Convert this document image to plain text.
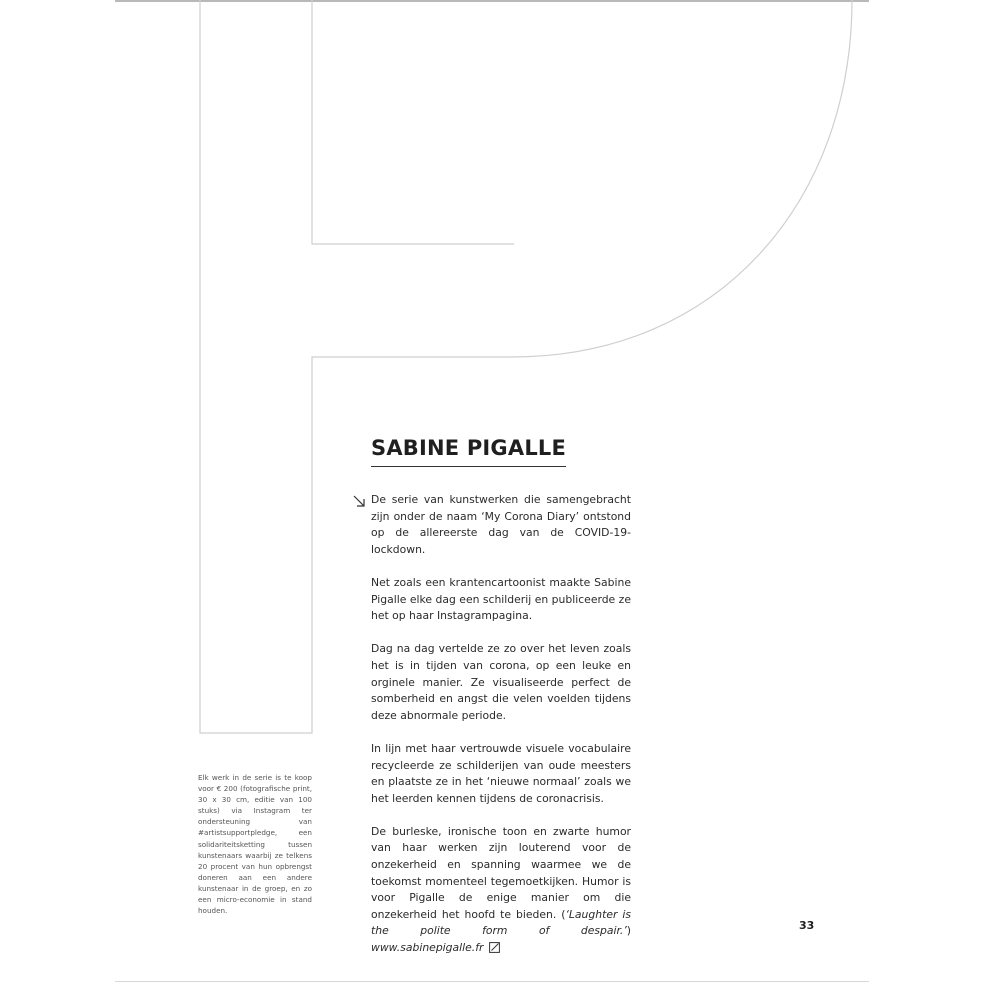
SABINE PIGALLE

De serie van kunstwerken die samengebracht zijn onder de naam ‘My Corona Diary’ ontstond op de allereerste dag van de COVID-19-lockdown.

Net zoals een krantencartoonist maakte Sabine Pigalle elke dag een schilderij en publiceerde ze het op haar Instagrampagina.

Dag na dag vertelde ze zo over het leven zoals het is in tijden van corona, op een leuke en orginele manier. Ze visualiseerde perfect de somberheid en angst die velen voelden tijdens deze abnormale periode.

In lijn met haar vertrouwde visuele vocabulaire recycleerde ze schilderijen van oude meesters en plaatste ze in het ‘nieuwe normaal’ zoals we het leerden kennen tijdens de coronacrisis.

De burleske, ironische toon en zwarte humor van haar werken zijn louterend voor de onzekerheid en spanning waarmee we de toekomst momenteel tegemoetkijken. Humor is voor Pigalle de enige manier om die onzekerheid het hoofd te bieden. (‘Laughter is the polite form of despair.’) www.sabinepigalle.fr

Elk werk in de serie is te koop voor € 200 (fotografische print, 30 x 30 cm, editie van 100 stuks) via Instagram ter ondersteuning van #artistsupportpledge, een solidariteitsketting tussen kunstenaars waarbij ze telkens 20 procent van hun opbrengst doneren aan een andere kunstenaar in de groep, en zo een micro-economie in stand houden.
33
